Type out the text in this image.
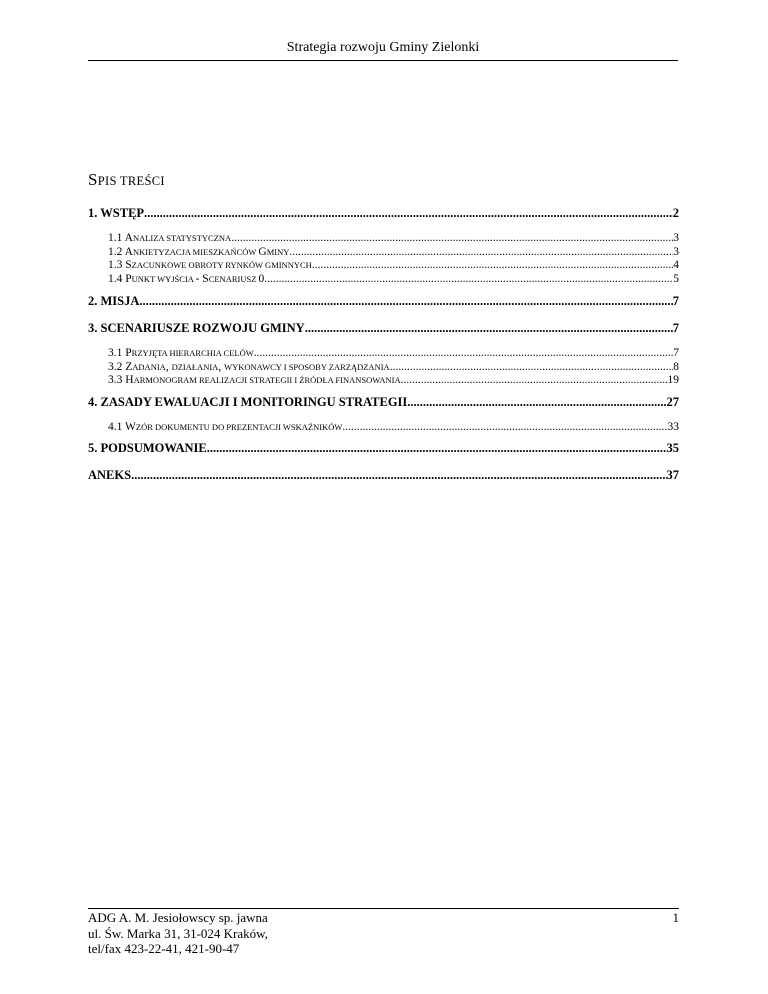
Strategia rozwoju Gminy Zielonki
SPIS TREŚCI
1. WSTĘP .....	2
1.1 ANALIZA STATYSTYCZNA .....	3
1.2 ANKIETYZACJA MIESZKAŃCÓW GMINY .....	3
1.3 SZACUNKOWE OBROTY RYNKÓW GMINNYCH .....	4
1.4 PUNKT WYJŚCIA - SCENARIUSZ 0 .....	5
2. MISJA .....	7
3. SCENARIUSZE ROZWOJU GMINY .....	7
3.1 PRZYJĘTA HIERARCHIA CELÓW .....	7
3.2 ZADANIA, DZIAŁANIA, WYKONAWCY I SPOSOBY ZARZĄDZANIA .....	8
3.3 HARMONOGRAM REALIZACJI STRATEGII I ŹRÓDŁA FINANSOWANIA .....	19
4. ZASADY EWALUACJI I MONITORINGU STRATEGII .....	27
4.1 WZÓR DOKUMENTU DO PREZENTACJI WSKAŹNIKÓW .....	33
5. PODSUMOWANIE .....	35
ANEKS .....	37
ADG A. M. Jesiołowscy sp. jawna
ul. Św. Marka 31, 31-024 Kraków,
tel/fax 423-22-41, 421-90-47
1
